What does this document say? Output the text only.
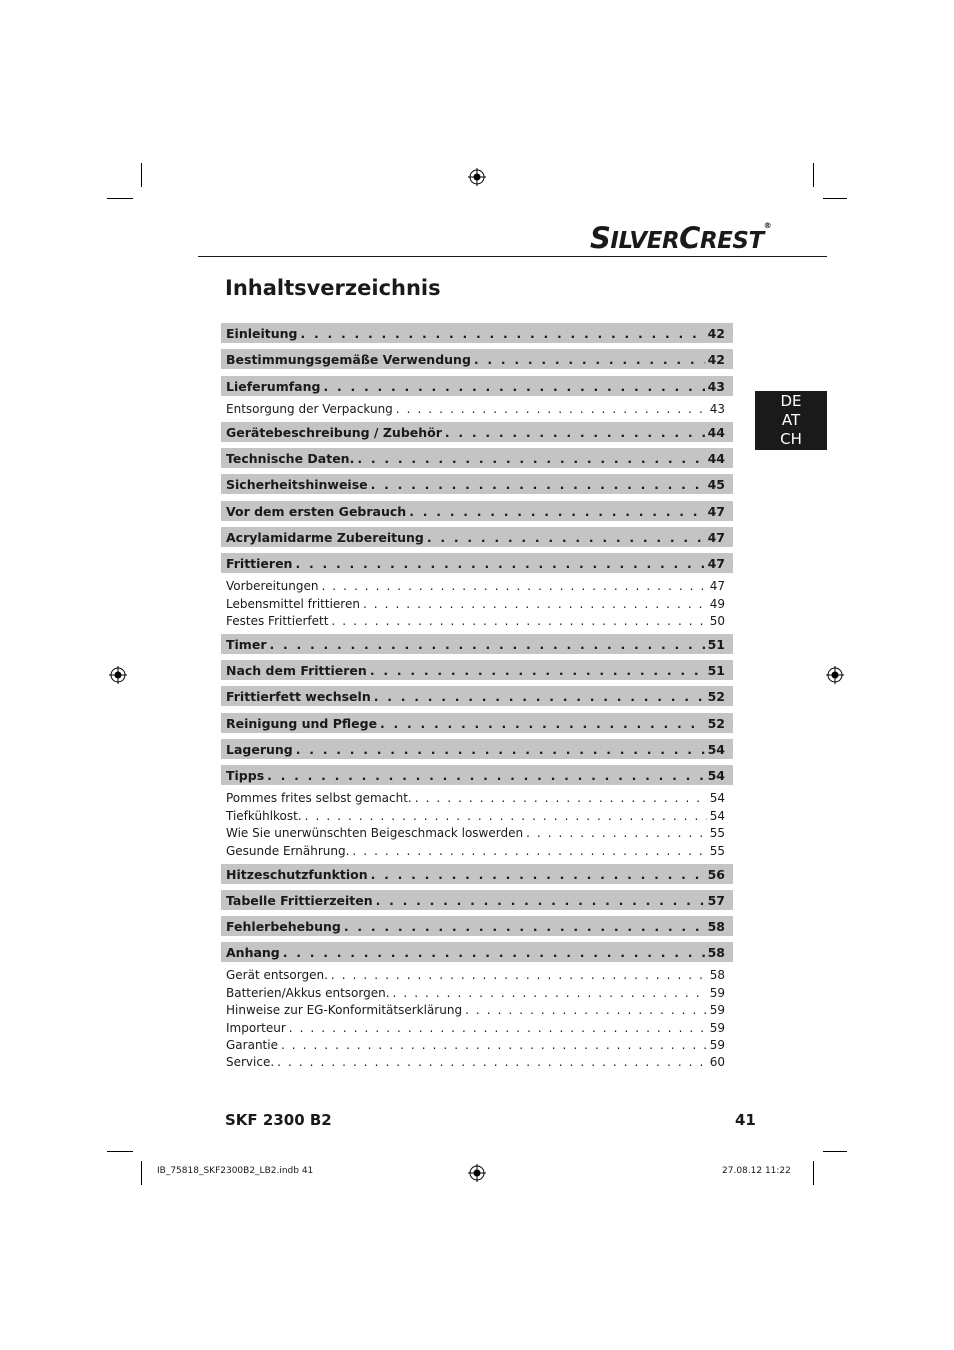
SILVERCREST®
Inhaltsverzeichnis
DE
AT
CH
Einleitung . . .	42
Bestimmungsgemäße Verwendung . . .	42
Lieferumfang . . .	43
Entsorgung der Verpackung . . .	43
Gerätebeschreibung / Zubehör . . .	44
Technische Daten. . . .	44
Sicherheitshinweise . . .	45
Vor dem ersten Gebrauch . . .	47
Acrylamidarme Zubereitung . . .	47
Frittieren . . .	47
Vorbereitungen . . .	47
Lebensmittel frittieren . . .	49
Festes Frittierfett . . .	50
Timer . . .	51
Nach dem Frittieren . . .	51
Frittierfett wechseln . . .	52
Reinigung und Pflege . . .	52
Lagerung . . .	54
Tipps . . .	54
Pommes frites selbst gemacht. . . .	54
Tiefkühlkost. . . .	54
Wie Sie unerwünschten Beigeschmack loswerden . . .	55
Gesunde Ernährung. . . .	55
Hitzeschutzfunktion . . .	56
Tabelle Frittierzeiten . . .	57
Fehlerbehebung . . .	58
Anhang . . .	58
Gerät entsorgen. . . .	58
Batterien/Akkus entsorgen. . . .	59
Hinweise zur EG-Konformitätserklärung . . .	59
Importeur . . .	59
Garantie . . .	59
Service. . . .	60
SKF 2300 B2	41
IB_75818_SKF2300B2_LB2.indb 41	27.08.12 11:22
